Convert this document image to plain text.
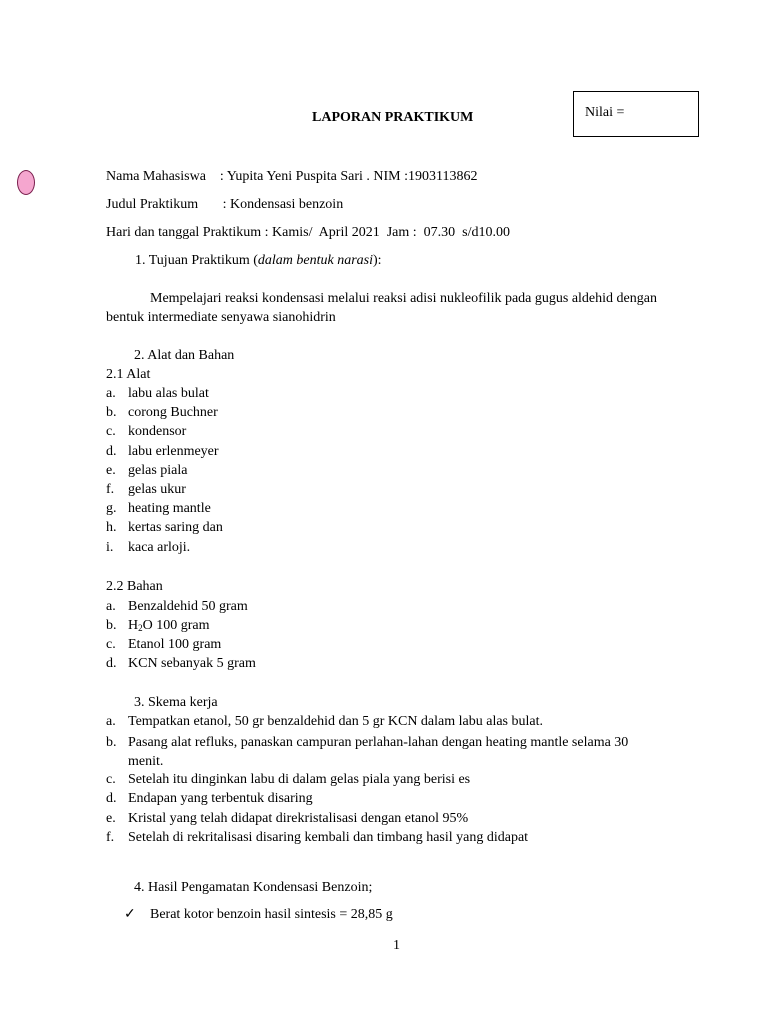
LAPORAN PRAKTIKUM	Nilai =
Nama Mahasiswa    : Yupita Yeni Puspita Sari . NIM :1903113862
Judul Praktikum       : Kondensasi benzoin
Hari dan tanggal Praktikum : Kamis/  April 2021  Jam :  07.30  s/d10.00
1. Tujuan Praktikum (dalam bentuk narasi):
Mempelajari reaksi kondensasi melalui reaksi adisi nukleofilik pada gugus aldehid dengan
bentuk intermediate senyawa sianohidrin
2. Alat dan Bahan
2.1 Alat
a. labu alas bulat
b. corong Buchner
c. kondensor
d. labu erlenmeyer
e. gelas piala
f. gelas ukur
g. heating mantle
h. kertas saring dan
i. kaca arloji.
2.2 Bahan
a. Benzaldehid 50 gram
b. $H_2O$ 100 gram
c. Etanol 100 gram
d. KCN sebanyak 5 gram
3. Skema kerja
a. Tempatkan etanol, 50 gr benzaldehid dan 5 gr KCN dalam labu alas bulat.
b. Pasang alat refluks, panaskan campuran perlahan-lahan dengan heating mantle selama 30
menit.
c. Setelah itu dinginkan labu di dalam gelas piala yang berisi es
d. Endapan yang terbentuk disaring
e. Kristal yang telah didapat direkristalisasi dengan etanol 95%
f. Setelah di rekritalisasi disaring kembali dan timbang hasil yang didapat
4. Hasil Pengamatan Kondensasi Benzoin;
✓ Berat kotor benzoin hasil sintesis = 28,85 g
1
